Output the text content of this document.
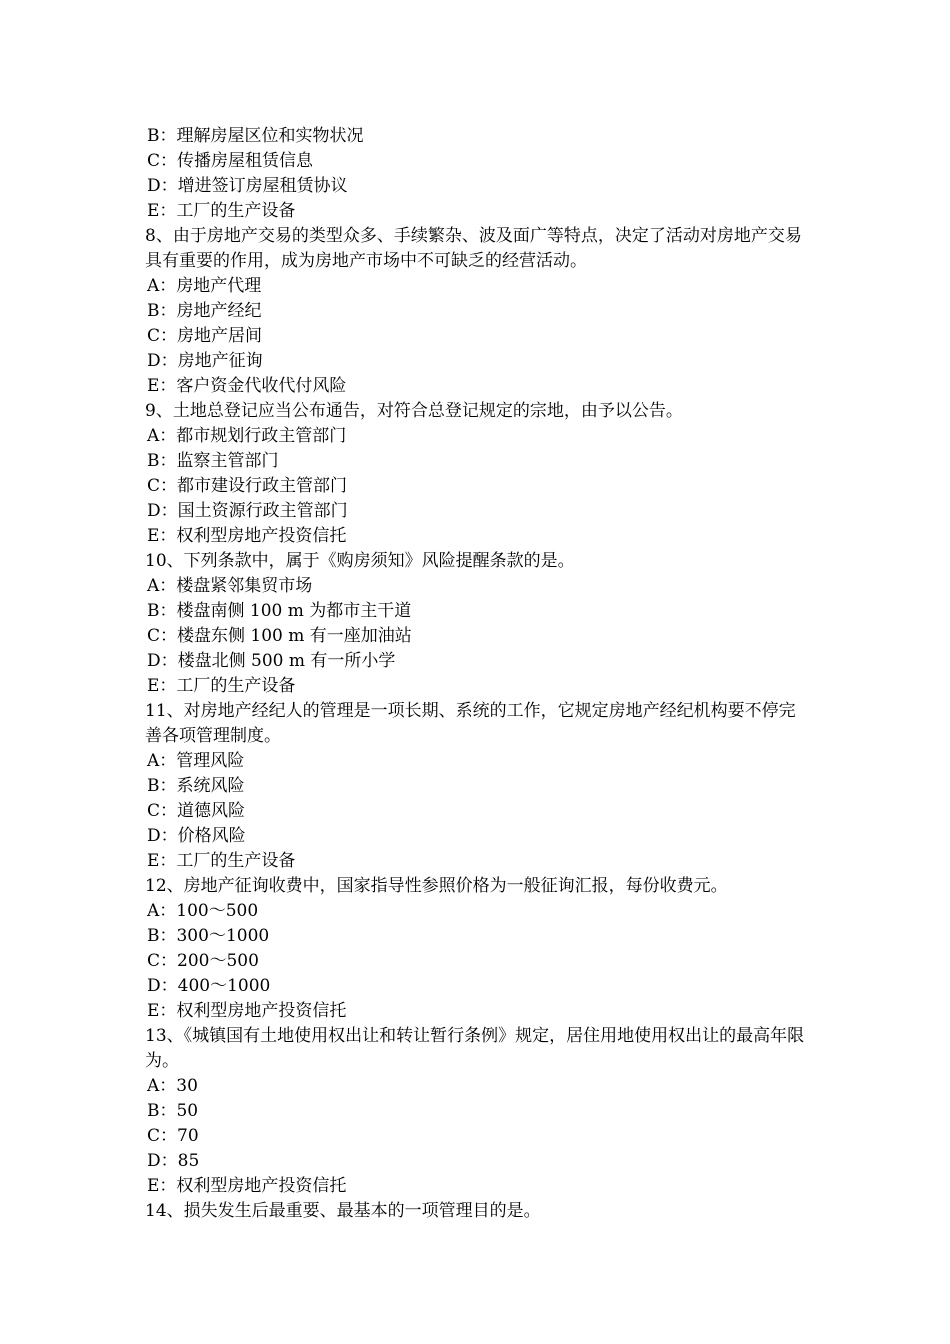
B：理解房屋区位和实物状况
C：传播房屋租赁信息
D：增进签订房屋租赁协议
E：工厂的生产设备
8、由于房地产交易的类型众多、手续繁杂、波及面广等特点，决定了活动对房地产交易具有重要的作用，成为房地产市场中不可缺乏的经营活动。
A：房地产代理
B：房地产经纪
C：房地产居间
D：房地产征询
E：客户资金代收代付风险
9、土地总登记应当公布通告，对符合总登记规定的宗地，由予以公告。
A：都市规划行政主管部门
B：监察主管部门
C：都市建设行政主管部门
D：国土资源行政主管部门
E：权利型房地产投资信托
10、下列条款中，属于《购房须知》风险提醒条款的是。
A：楼盘紧邻集贸市场
B：楼盘南侧 100 m 为都市主干道
C：楼盘东侧 100 m 有一座加油站
D：楼盘北侧 500 m 有一所小学
E：工厂的生产设备
11、对房地产经纪人的管理是一项长期、系统的工作，它规定房地产经纪机构要不停完善各项管理制度。
A：管理风险
B：系统风险
C：道德风险
D：价格风险
E：工厂的生产设备
12、房地产征询收费中，国家指导性参照价格为一般征询汇报，每份收费元。
A：100～500
B：300～1000
C：200～500
D：400～1000
E：权利型房地产投资信托
13、《城镇国有土地使用权出让和转让暂行条例》规定，居住用地使用权出让的最高年限为。
A：30
B：50
C：70
D：85
E：权利型房地产投资信托
14、损失发生后最重要、最基本的一项管理目的是。
